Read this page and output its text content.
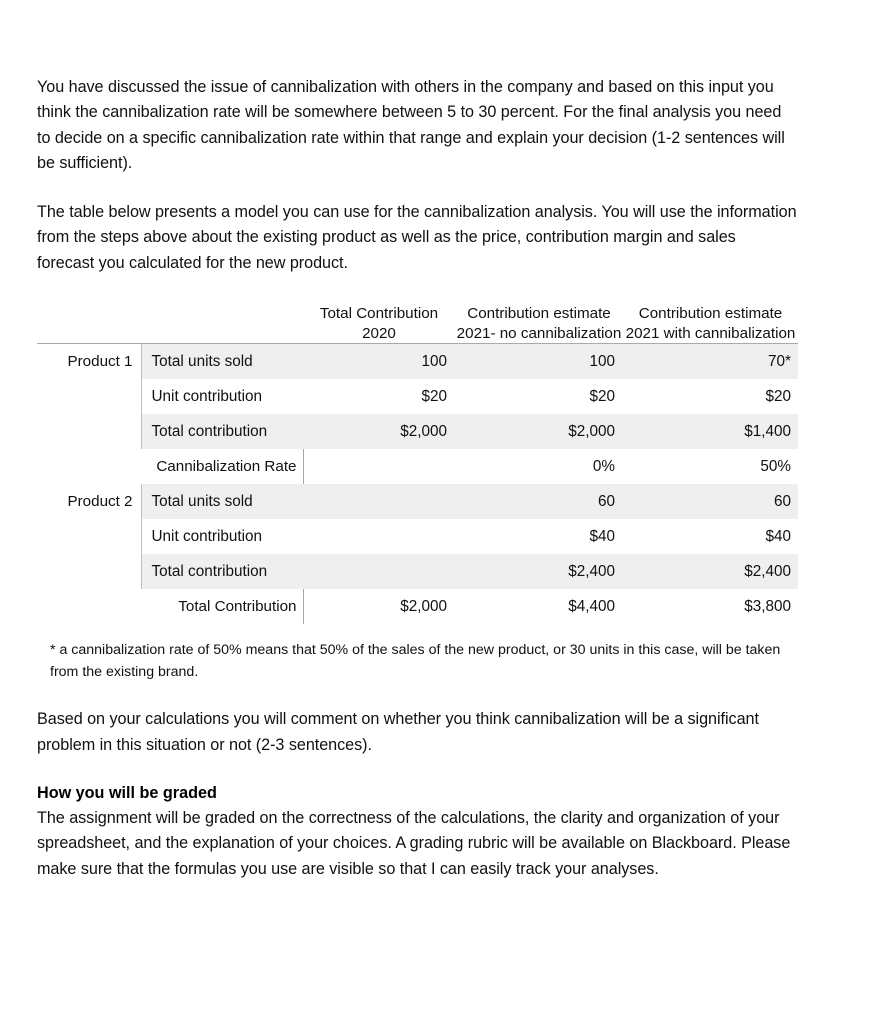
You have discussed the issue of cannibalization with others in the company and based on this input you think the cannibalization rate will be somewhere between 5 to 30 percent. For the final analysis you need to decide on a specific cannibalization rate within that range and explain your decision (1-2 sentences will be sufficient).

The table below presents a model you can use for the cannibalization analysis. You will use the information from the steps above about the existing product as well as the price, contribution margin and sales forecast you calculated for the new product.

		Total Contribution 2020	Contribution estimate 2021- no cannibalization	Contribution estimate 2021 with cannibalization
Product 1	Total units sold	100	100	70*
	Unit contribution	$20	$20	$20
	Total contribution	$2,000	$2,000	$1,400
	Cannibalization Rate		0%	50%
Product 2	Total units sold		60	60
	Unit contribution		$40	$40
	Total contribution		$2,400	$2,400
	Total Contribution	$2,000	$4,400	$3,800

* a cannibalization rate of 50% means that 50% of the sales of the new product, or 30 units in this case, will be taken from the existing brand.

Based on your calculations you will comment on whether you think cannibalization will be a significant problem in this situation or not (2-3 sentences).

How you will be graded

The assignment will be graded on the correctness of the calculations, the clarity and organization of your spreadsheet, and the explanation of your choices. A grading rubric will be available on Blackboard. Please make sure that the formulas you use are visible so that I can easily track your analyses.
